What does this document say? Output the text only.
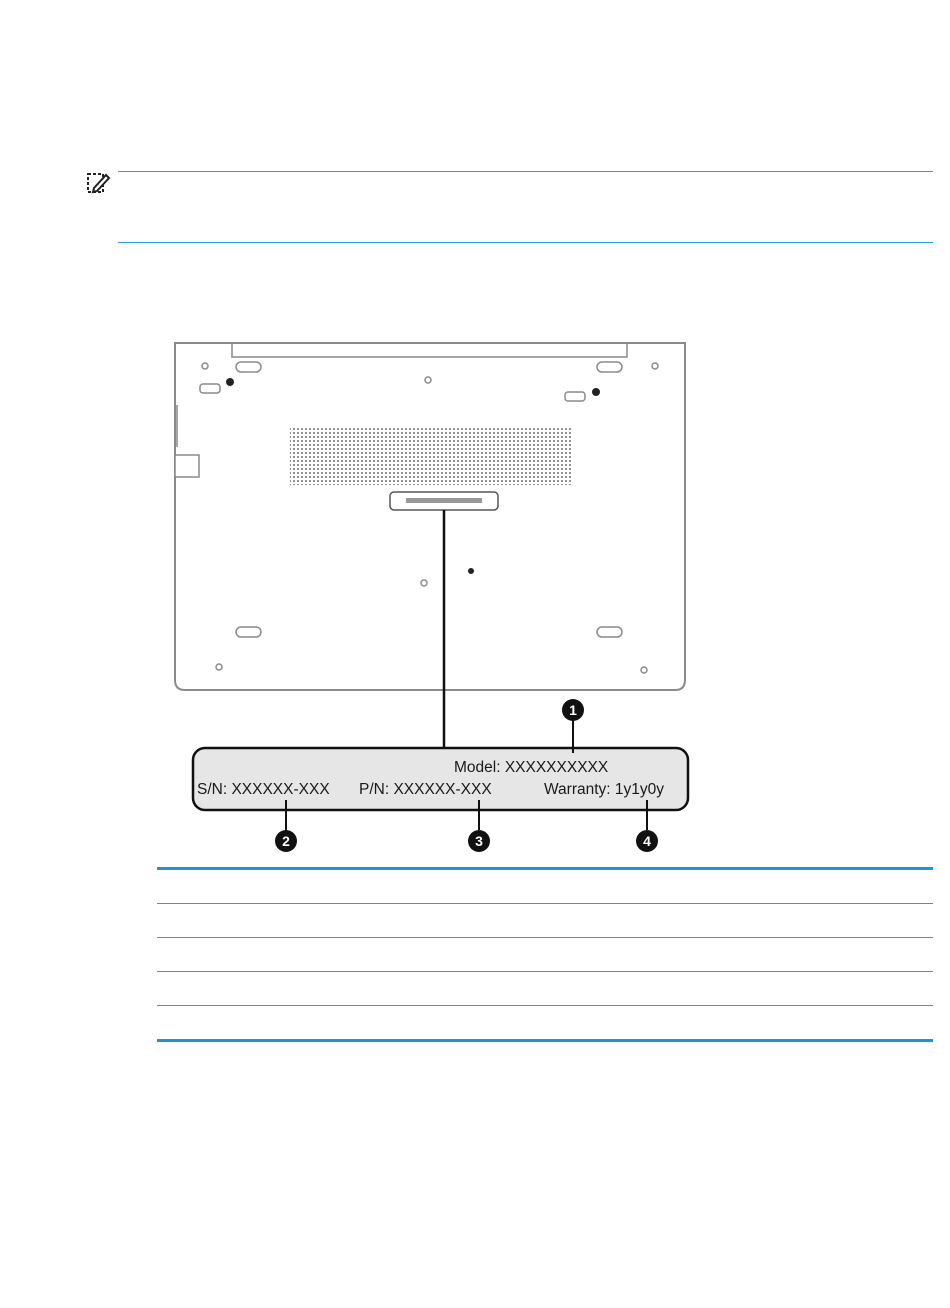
Model: XXXXXXXXXX
S/N: XXXXXX-XXX P/N: XXXXXX-XXX	Warranty: 1y1y0y
1
2	3	4
